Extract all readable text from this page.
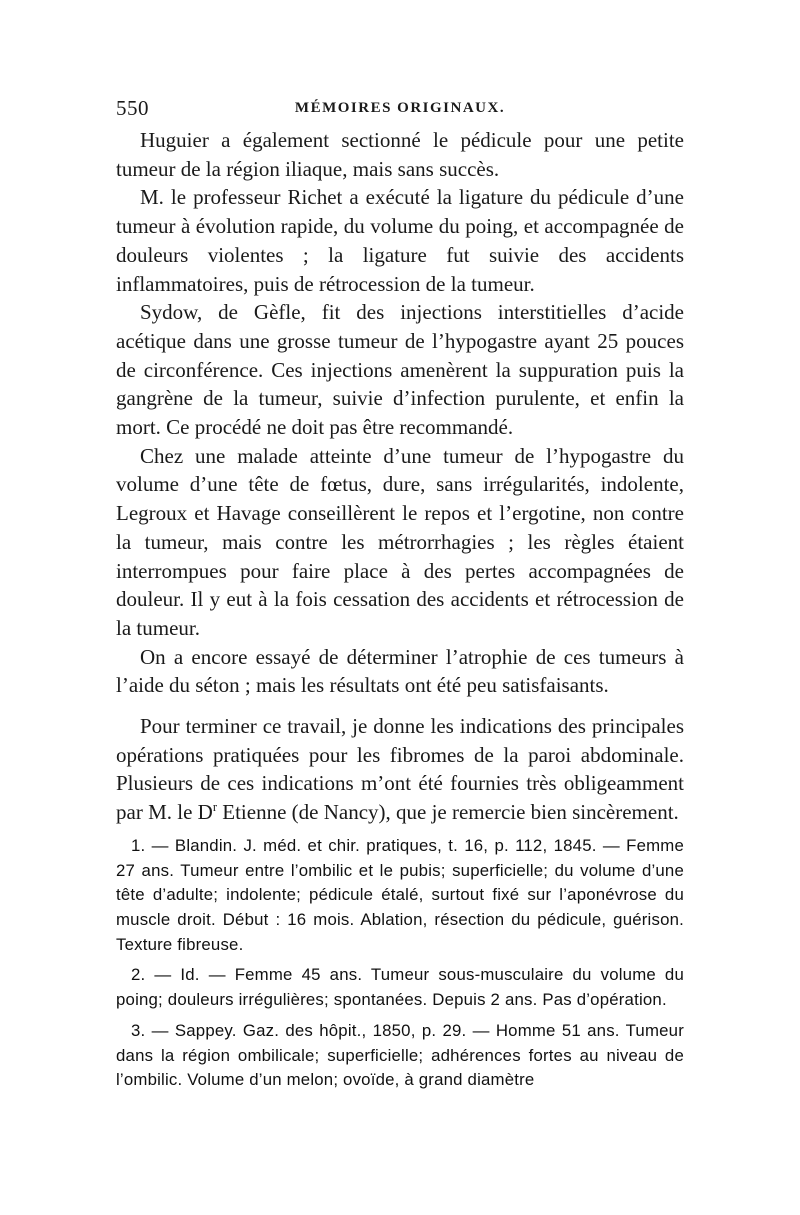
550	MÉMOIRES ORIGINAUX.

Huguier a également sectionné le pédicule pour une petite tumeur de la région iliaque, mais sans succès.

M. le professeur Richet a exécuté la ligature du pédicule d’une tumeur à évolution rapide, du volume du poing, et accompagnée de douleurs violentes ; la ligature fut suivie des accidents inflammatoires, puis de rétrocession de la tumeur.

Sydow, de Gèfle, fit des injections interstitielles d’acide acétique dans une grosse tumeur de l’hypogastre ayant 25 pouces de circonférence. Ces injections amenèrent la suppuration puis la gangrène de la tumeur, suivie d’infection purulente, et enfin la mort. Ce procédé ne doit pas être recommandé.

Chez une malade atteinte d’une tumeur de l’hypogastre du volume d’une tête de fœtus, dure, sans irrégularités, indolente, Legroux et Havage conseillèrent le repos et l’ergotine, non contre la tumeur, mais contre les métrorrhagies ; les règles étaient interrompues pour faire place à des pertes accompagnées de douleur. Il y eut à la fois cessation des accidents et rétrocession de la tumeur.

On a encore essayé de déterminer l’atrophie de ces tumeurs à l’aide du séton ; mais les résultats ont été peu satisfaisants.

Pour terminer ce travail, je donne les indications des principales opérations pratiquées pour les fibromes de la paroi abdominale. Plusieurs de ces indications m’ont été fournies très obligeamment par M. le $D^r$ Etienne (de Nancy), que je remercie bien sincèrement.

1. — Blandin. J. méd. et chir. pratiques, t. 16, p. 112, 1845. — Femme 27 ans. Tumeur entre l’ombilic et le pubis; superficielle; du volume d’une tête d’adulte; indolente; pédicule étalé, surtout fixé sur l’aponévrose du muscle droit. Début : 16 mois. Ablation, résection du pédicule, guérison. Texture fibreuse.

2. — Id. — Femme 45 ans. Tumeur sous-musculaire du volume du poing; douleurs irrégulières; spontanées. Depuis 2 ans. Pas d’opération.

3. — Sappey. Gaz. des hôpit., 1850, p. 29. — Homme 51 ans. Tumeur dans la région ombilicale; superficielle; adhérences fortes au niveau de l’ombilic. Volume d’un melon; ovoïde, à grand diamètre
